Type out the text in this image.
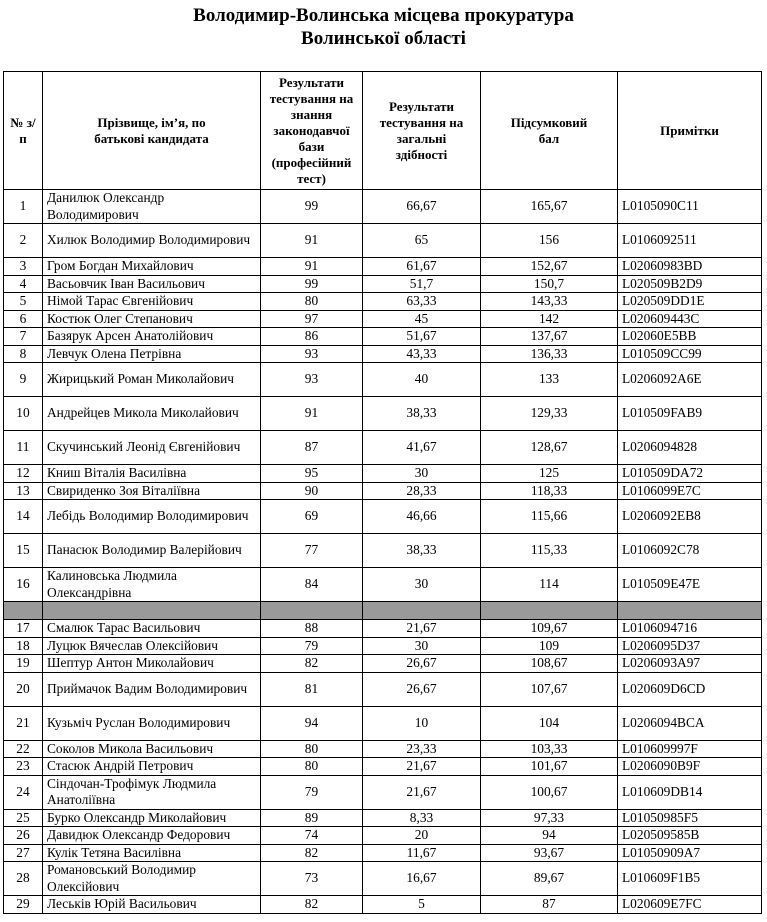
Володимир-Волинська місцева прокуратура
Волинської області
№ з/п	Прізвище, ім’я, по батькові кандидата	Результати тестування на знання законодавчої бази (професійний тест)	Результати тестування на загальні здібності	Підсумковий бал	Примітки
1	Данилюк Олександр Володимирович	99	66,67	165,67	L0105090C11
2	Хилюк Володимир Володимирович	91	65	156	L0106092511
3	Гром Богдан Михайлович	91	61,67	152,67	L02060983BD
4	Васьовчик Іван Васильович	99	51,7	150,7	L020509B2D9
5	Німой Тарас Євгенійович	80	63,33	143,33	L020509DD1E
6	Костюк Олег Степанович	97	45	142	L020609443C
7	Базярук Арсен Анатолійович	86	51,67	137,67	L02060E5BB
8	Левчук Олена Петрівна	93	43,33	136,33	L010509CC99
9	Жирицький Роман Миколайович	93	40	133	L0206092A6E
10	Андрейцев Микола Миколайович	91	38,33	129,33	L010509FAB9
11	Скучинський Леонід Євгенійович	87	41,67	128,67	L0206094828
12	Книш Віталія Василівна	95	30	125	L010509DA72
13	Свириденко Зоя Віталіївна	90	28,33	118,33	L0106099E7C
14	Лебідь Володимир Володимирович	69	46,66	115,66	L0206092EB8
15	Панасюк Володимир Валерійович	77	38,33	115,33	L0106092C78
16	Калиновська Людмила Олександрівна	84	30	114	L010509E47E

17	Смалюк Тарас Васильович	88	21,67	109,67	L0106094716
18	Луцюк Вячеслав Олексійович	79	30	109	L0206095D37
19	Шептур Антон Миколайович	82	26,67	108,67	L0206093A97
20	Приймачок Вадим Володимирович	81	26,67	107,67	L020609D6CD
21	Кузьміч Руслан Володимирович	94	10	104	L0206094BCA
22	Соколов Микола Васильович	80	23,33	103,33	L010609997F
23	Стасюк Андрій Петрович	80	21,67	101,67	L0206090B9F
24	Сіндочан-Трофімук Людмила Анатоліївна	79	21,67	100,67	L010609DB14
25	Бурко Олександр Миколайович	89	8,33	97,33	L01050985F5
26	Давидюк Олександр Федорович	74	20	94	L020509585B
27	Кулік Тетяна Василівна	82	11,67	93,67	L01050909A7
28	Романовський Володимир Олексійович	73	16,67	89,67	L010609F1B5
29	Леськів Юрій Васильович	82	5	87	L020609E7FC
